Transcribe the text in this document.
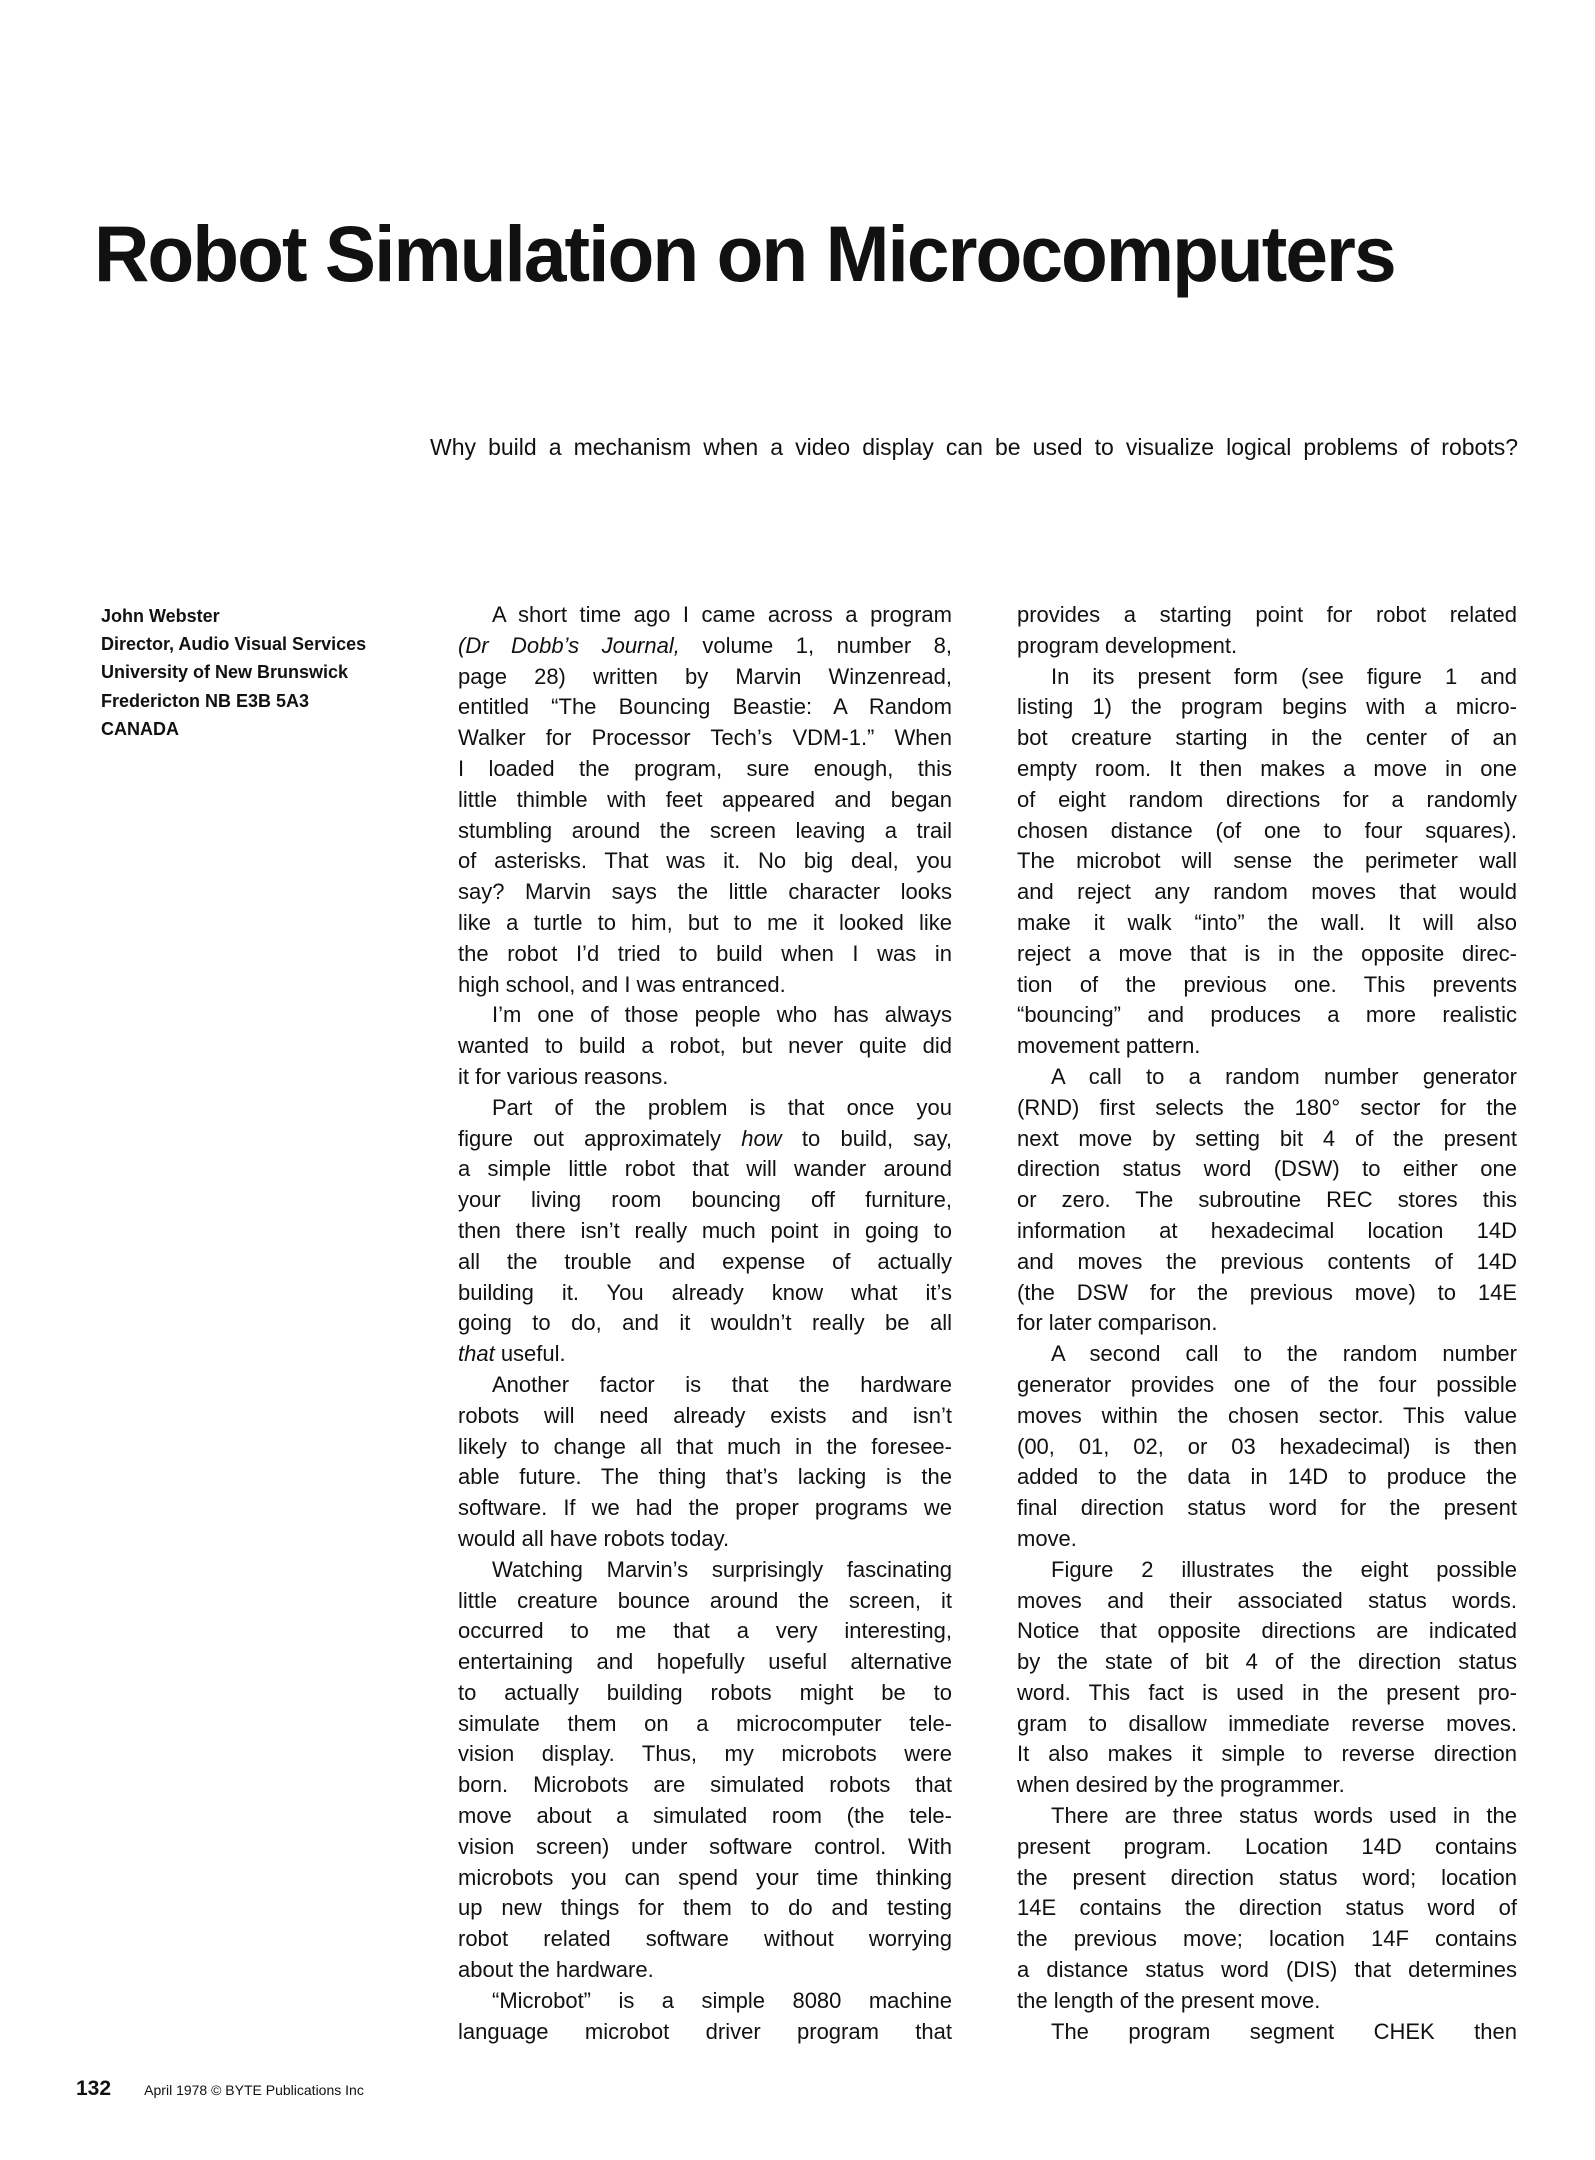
Robot Simulation on Microcomputers
Why build a mechanism when a video display can be used to visualize logical problems of robots?
John Webster
Director, Audio Visual Services
University of New Brunswick
Fredericton NB E3B 5A3
CANADA
A short time ago I came across a program
(Dr Dobb’s Journal, volume 1, number 8,
page 28) written by Marvin Winzenread,
entitled “The Bouncing Beastie: A Random
Walker for Processor Tech’s VDM-1.” When
I loaded the program, sure enough, this
little thimble with feet appeared and began
stumbling around the screen leaving a trail
of asterisks. That was it. No big deal, you
say? Marvin says the little character looks
like a turtle to him, but to me it looked like
the robot I’d tried to build when I was in
high school, and I was entranced.
I’m one of those people who has always
wanted to build a robot, but never quite did
it for various reasons.
Part of the problem is that once you
figure out approximately how to build, say,
a simple little robot that will wander around
your living room bouncing off furniture,
then there isn’t really much point in going to
all the trouble and expense of actually
building it. You already know what it’s
going to do, and it wouldn’t really be all
that useful.
Another factor is that the hardware
robots will need already exists and isn’t
likely to change all that much in the foresee-
able future. The thing that’s lacking is the
software. If we had the proper programs we
would all have robots today.
Watching Marvin’s surprisingly fascinating
little creature bounce around the screen, it
occurred to me that a very interesting,
entertaining and hopefully useful alternative
to actually building robots might be to
simulate them on a microcomputer tele-
vision display. Thus, my microbots were
born. Microbots are simulated robots that
move about a simulated room (the tele-
vision screen) under software control. With
microbots you can spend your time thinking
up new things for them to do and testing
robot related software without worrying
about the hardware.
“Microbot” is a simple 8080 machine
language microbot driver program that
provides a starting point for robot related
program development.
In its present form (see figure 1 and
listing 1) the program begins with a micro-
bot creature starting in the center of an
empty room. It then makes a move in one
of eight random directions for a randomly
chosen distance (of one to four squares).
The microbot will sense the perimeter wall
and reject any random moves that would
make it walk “into” the wall. It will also
reject a move that is in the opposite direc-
tion of the previous one. This prevents
“bouncing” and produces a more realistic
movement pattern.
A call to a random number generator
(RND) first selects the 180° sector for the
next move by setting bit 4 of the present
direction status word (DSW) to either one
or zero. The subroutine REC stores this
information at hexadecimal location 14D
and moves the previous contents of 14D
(the DSW for the previous move) to 14E
for later comparison.
A second call to the random number
generator provides one of the four possible
moves within the chosen sector. This value
(00, 01, 02, or 03 hexadecimal) is then
added to the data in 14D to produce the
final direction status word for the present
move.
Figure 2 illustrates the eight possible
moves and their associated status words.
Notice that opposite directions are indicated
by the state of bit 4 of the direction status
word. This fact is used in the present pro-
gram to disallow immediate reverse moves.
It also makes it simple to reverse direction
when desired by the programmer.
There are three status words used in the
present program. Location 14D contains
the present direction status word; location
14E contains the direction status word of
the previous move; location 14F contains
a distance status word (DIS) that determines
the length of the present move.
The program segment CHEK then
132 April 1978 © BYTE Publications Inc
